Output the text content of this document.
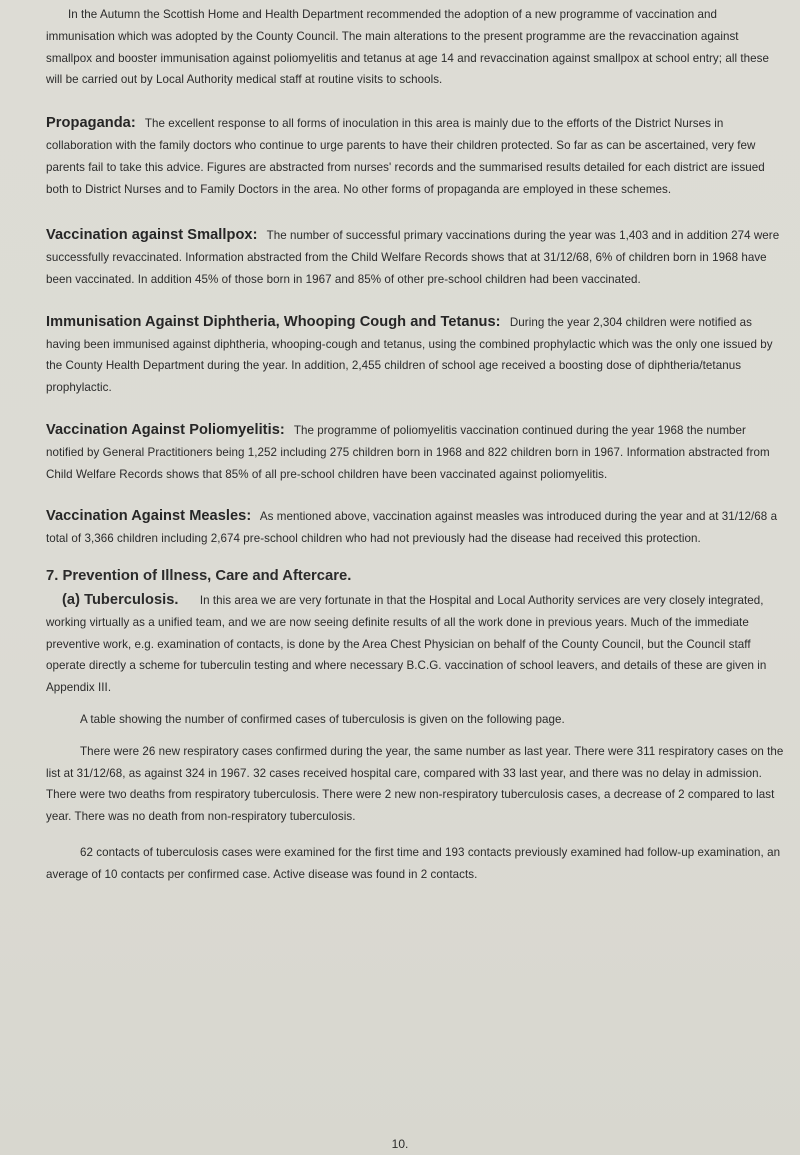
In the Autumn the Scottish Home and Health Department recommended the adoption of a new programme of vaccination and immunisation which was adopted by the County Council. The main alterations to the present programme are the revaccination against smallpox and booster immunisation against poliomyelitis and tetanus at age 14 and revaccination against smallpox at school entry; all these will be carried out by Local Authority medical staff at routine visits to schools.

Propaganda: The excellent response to all forms of inoculation in this area is mainly due to the efforts of the District Nurses in collaboration with the family doctors who continue to urge parents to have their children protected. So far as can be ascertained, very few parents fail to take this advice. Figures are abstracted from nurses' records and the summarised results detailed for each district are issued both to District Nurses and to Family Doctors in the area. No other forms of propaganda are employed in these schemes.

Vaccination against Smallpox: The number of successful primary vaccinations during the year was 1,403 and in addition 274 were successfully revaccinated. Information abstracted from the Child Welfare Records shows that at 31/12/68, 6% of children born in 1968 have been vaccinated. In addition 45% of those born in 1967 and 85% of other pre-school children had been vaccinated.

Immunisation Against Diphtheria, Whooping Cough and Tetanus: During the year 2,304 children were notified as having been immunised against diphtheria, whooping-cough and tetanus, using the combined prophylactic which was the only one issued by the County Health Department during the year. In addition, 2,455 children of school age received a boosting dose of diphtheria/tetanus prophylactic.

Vaccination Against Poliomyelitis: The programme of poliomyelitis vaccination continued during the year 1968 the number notified by General Practitioners being 1,252 including 275 children born in 1968 and 822 children born in 1967. Information abstracted from Child Welfare Records shows that 85% of all pre-school children have been vaccinated against poliomyelitis.

Vaccination Against Measles: As mentioned above, vaccination against measles was introduced during the year and at 31/12/68 a total of 3,366 children including 2,674 pre-school children who had not previously had the disease had received this protection.

7. Prevention of Illness, Care and Aftercare.

(a) Tuberculosis. In this area we are very fortunate in that the Hospital and Local Authority services are very closely integrated, working virtually as a unified team, and we are now seeing definite results of all the work done in previous years. Much of the immediate preventive work, e.g. examination of contacts, is done by the Area Chest Physician on behalf of the County Council, but the Council staff operate directly a scheme for tuberculin testing and where necessary B.C.G. vaccination of school leavers, and details of these are given in Appendix III.

A table showing the number of confirmed cases of tuberculosis is given on the following page.

There were 26 new respiratory cases confirmed during the year, the same number as last year. There were 311 respiratory cases on the list at 31/12/68, as against 324 in 1967. 32 cases received hospital care, compared with 33 last year, and there was no delay in admission. There were two deaths from respiratory tuberculosis. There were 2 new non-respiratory tuberculosis cases, a decrease of 2 compared to last year. There was no death from non-respiratory tuberculosis.

62 contacts of tuberculosis cases were examined for the first time and 193 contacts previously examined had follow-up examination, an average of 10 contacts per confirmed case. Active disease was found in 2 contacts.

10.
